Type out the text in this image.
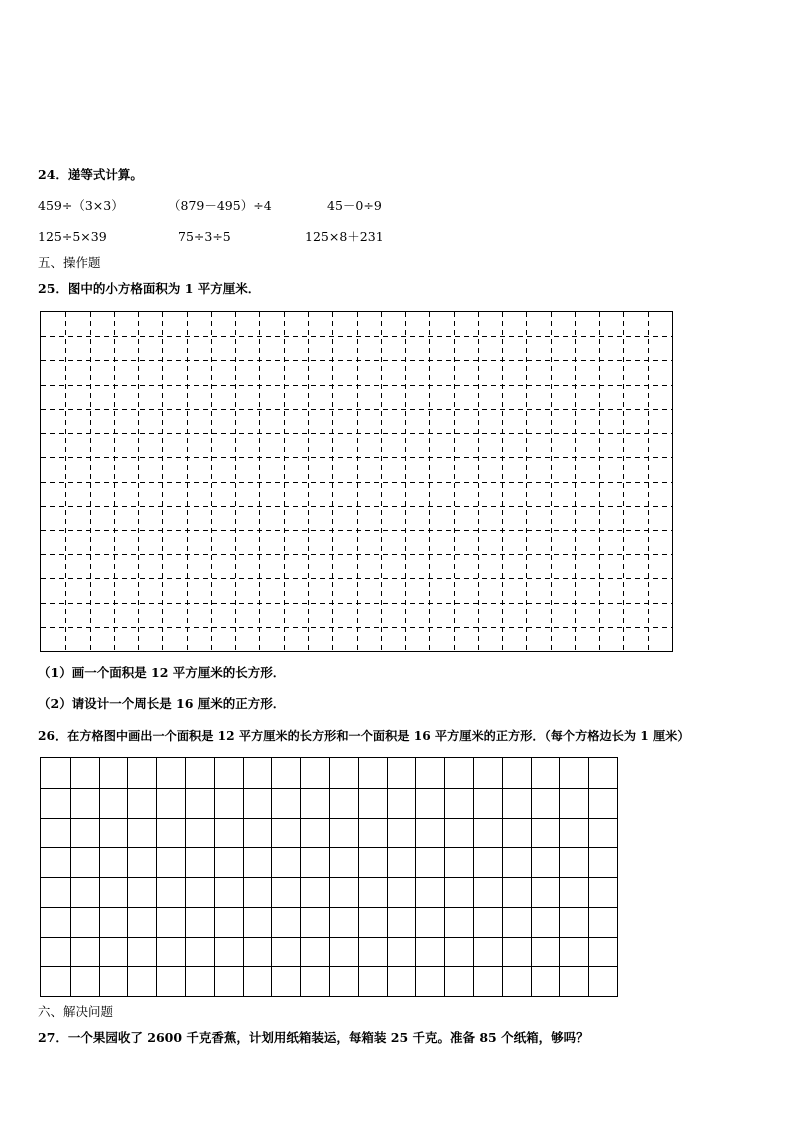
24．递等式计算。
459÷（3×3）	（879－495）÷4	45－0÷9
125÷5×39	75÷3÷5	125×8＋231
五、操作题
25．图中的小方格面积为 1 平方厘米．
（1）画一个面积是 12 平方厘米的长方形．
（2）请设计一个周长是 16 厘米的正方形．
26．在方格图中画出一个面积是 12 平方厘米的长方形和一个面积是 16 平方厘米的正方形．（每个方格边长为 1 厘米）
六、解决问题
27．一个果园收了 2600 千克香蕉，计划用纸箱装运，每箱装 25 千克。准备 85 个纸箱，够吗？
